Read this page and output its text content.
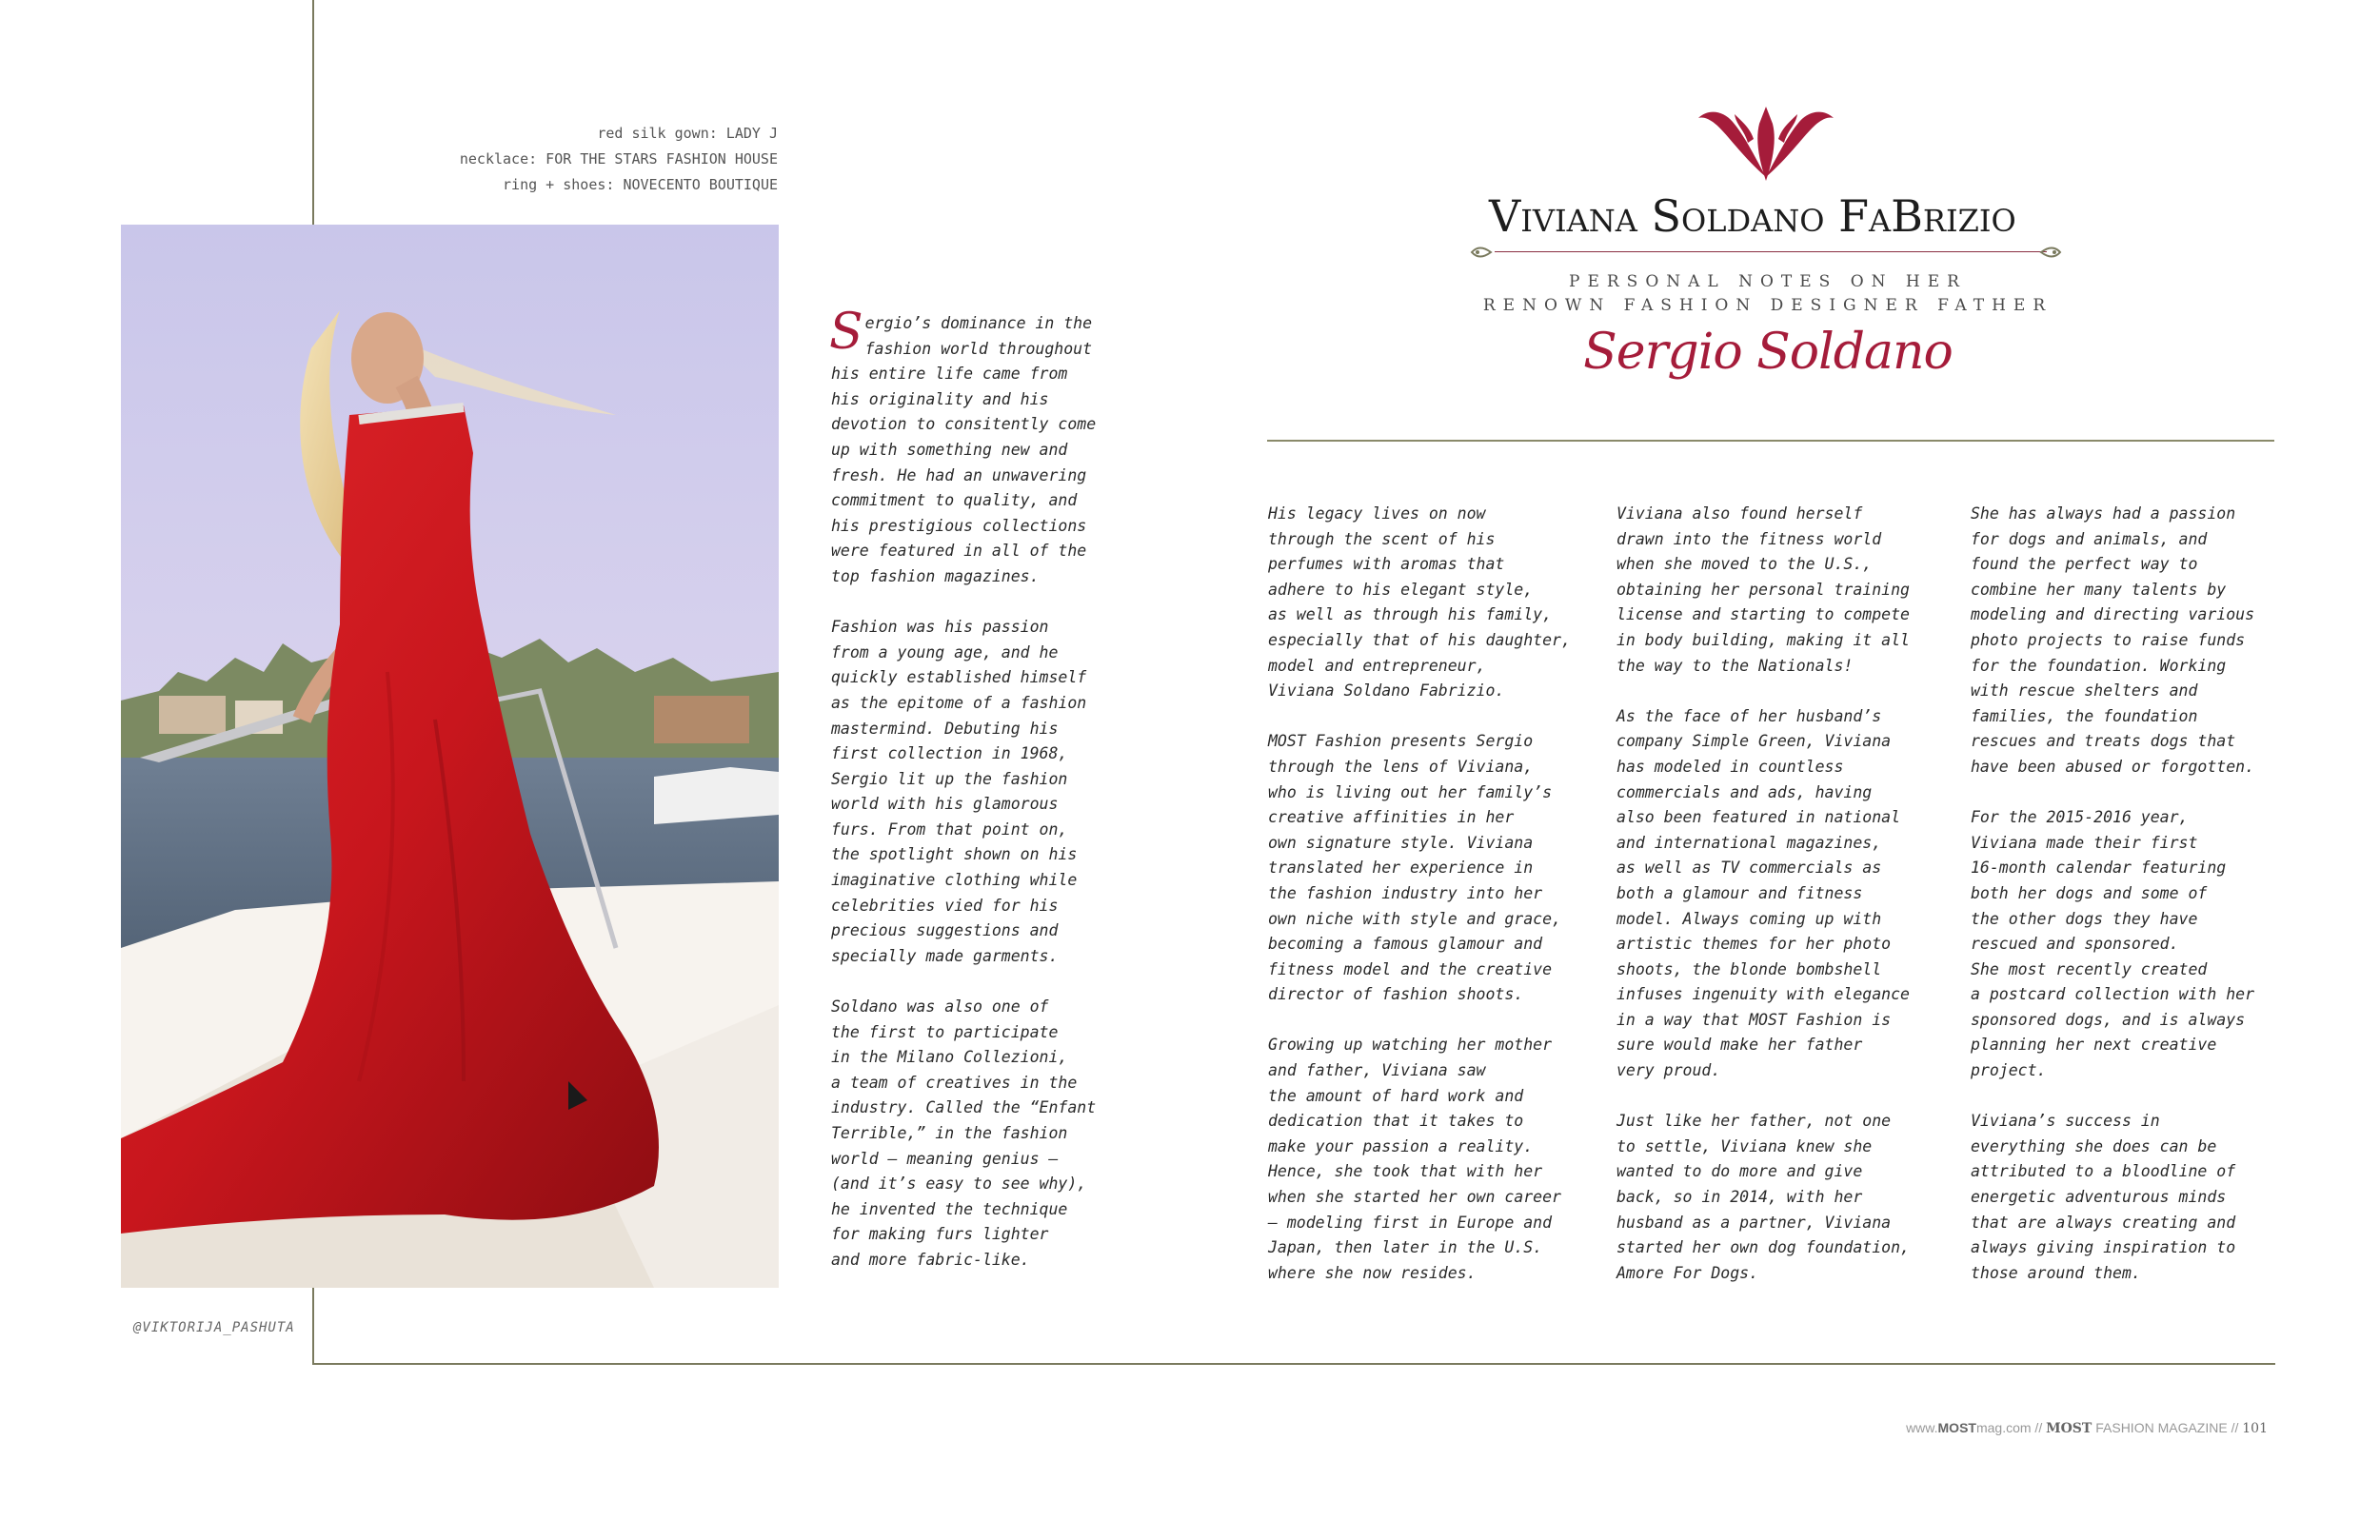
red silk gown: LADY J
necklace: FOR THE STARS FASHION HOUSE
ring + shoes: NOVECENTO BOUTIQUE
@VIKTORIJA_PASHUTA

Sergio’s dominance in the
fashion world throughout
his entire life came from
his originality and his
devotion to consitently come
up with something new and
fresh. He had an unwavering
commitment to quality, and
his prestigious collections
were featured in all of the
top fashion magazines.

Fashion was his passion
from a young age, and he
quickly established himself
as the epitome of a fashion
mastermind. Debuting his
first collection in 1968,
Sergio lit up the fashion
world with his glamorous
furs. From that point on,
the spotlight shown on his
imaginative clothing while
celebrities vied for his
precious suggestions and
specially made garments.

Soldano was also one of
the first to participate
in the Milano Collezioni,
a team of creatives in the
industry. Called the “Enfant
Terrible,” in the fashion
world — meaning genius —
(and it’s easy to see why),
he invented the technique
for making furs lighter
and more fabric-like.

His legacy lives on now
through the scent of his
perfumes with aromas that
adhere to his elegant style,
as well as through his family,
especially that of his daughter,
model and entrepreneur,
Viviana Soldano Fabrizio.

MOST Fashion presents Sergio
through the lens of Viviana,
who is living out her family’s
creative affinities in her
own signature style. Viviana
translated her experience in
the fashion industry into her
own niche with style and grace,
becoming a famous glamour and
fitness model and the creative
director of fashion shoots.

Growing up watching her mother
and father, Viviana saw
the amount of hard work and
dedication that it takes to
make your passion a reality.
Hence, she took that with her
when she started her own career
— modeling first in Europe and
Japan, then later in the U.S.
where she now resides.

Viviana also found herself
drawn into the fitness world
when she moved to the U.S.,
obtaining her personal training
license and starting to compete
in body building, making it all
the way to the Nationals!

As the face of her husband’s
company Simple Green, Viviana
has modeled in countless
commercials and ads, having
also been featured in national
and international magazines,
as well as TV commercials as
both a glamour and fitness
model. Always coming up with
artistic themes for her photo
shoots, the blonde bombshell
infuses ingenuity with elegance
in a way that MOST Fashion is
sure would make her father
very proud.

Just like her father, not one
to settle, Viviana knew she
wanted to do more and give
back, so in 2014, with her
husband as a partner, Viviana
started her own dog foundation,
Amore For Dogs.

She has always had a passion
for dogs and animals, and
found the perfect way to
combine her many talents by
modeling and directing various
photo projects to raise funds
for the foundation. Working
with rescue shelters and
families, the foundation
rescues and treats dogs that
have been abused or forgotten.

For the 2015-2016 year,
Viviana made their first
16-month calendar featuring
both her dogs and some of
the other dogs they have
rescued and sponsored.
She most recently created
a postcard collection with her
sponsored dogs, and is always
planning her next creative
project.

Viviana’s success in
everything she does can be
attributed to a bloodline of
energetic adventurous minds
that are always creating and
always giving inspiration to
those around them.

Viviana Soldano FaBrizio
PERSONAL NOTES ON HER
RENOWN FASHION DESIGNER FATHER
Sergio Soldano
www.MOSTmag.com // MOST FASHION MAGAZINE // 101
